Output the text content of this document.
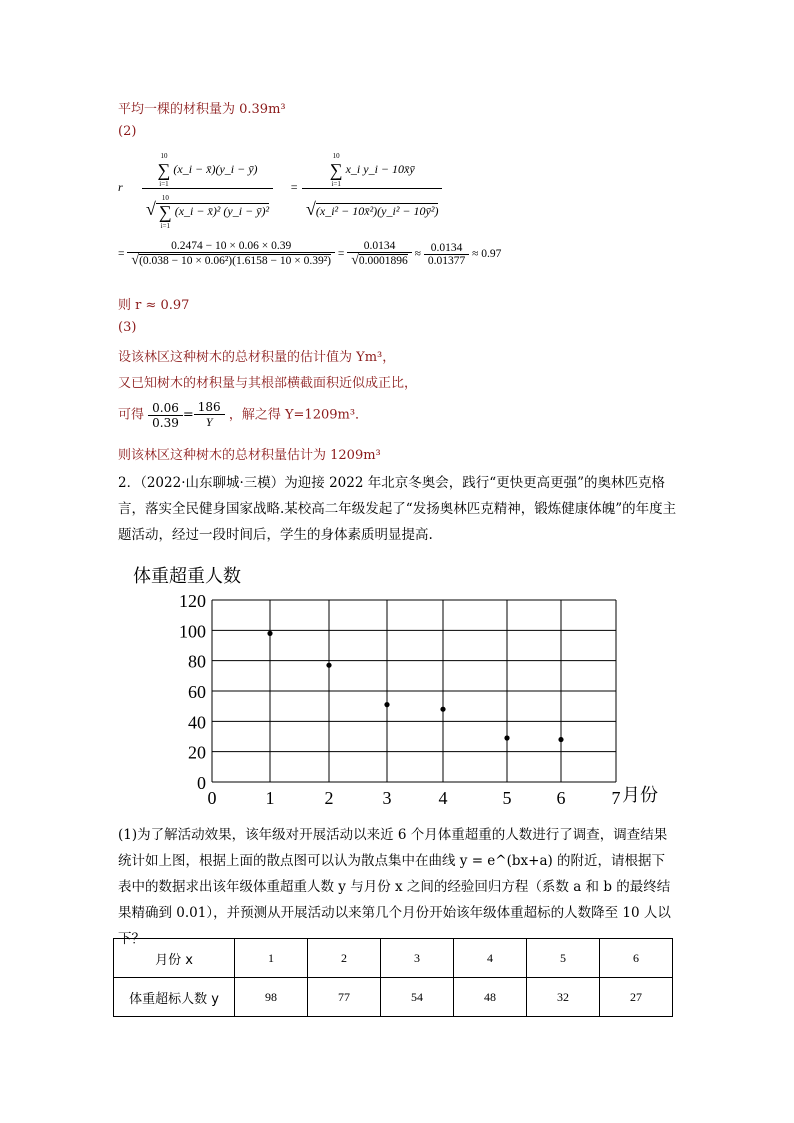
平均一棵的材积量为 0.39m³
(2)
r	10
∑
i=1
(x_i − x̄)(y_i − ȳ)
√
10
∑
i=1
(x_i − x̄)² (y_i − ȳ)² = 10
∑
i=1
x_i y_i − 10x̄ȳ
√(x_i² − 10x̄²)(y_i² − 10ȳ²)
= $\frac{0.2474 - 10 \times 0.06 \times 0.39}{\text{√(0.038 − 10 × 0.06²)(1.6158 − 10 × 0.39²)}} = \frac{0.0134}{√0.0001896} \approx \frac{0.0134}{0.01377} \approx 0.97$
则 r ≈ 0.97
(3)
设该林区这种树木的总材积量的估计值为 Ym³，
又已知树木的材积量与其根部横截面积近似成正比，
可得 $\frac{0.06}{0.39} = \frac{186}{Y}$ ，解之得 Y=1209m³．
则该林区这种树木的总材积量估计为 1209m³
2．（2022·山东聊城·三模）为迎接 2022 年北京冬奥会，践行“更快更高更强”的奥林匹克格言，落实全民健身国家战略.某校高二年级发起了“发扬奥林匹克精神，锻炼健康体魄”的年度主题活动，经过一段时间后，学生的身体素质明显提高.
体重超重人数
0
20
40
60
80
100
120
0	1	2	3	4	5	6	7 月份
(1)为了解活动效果，该年级对开展活动以来近 6 个月体重超重的人数进行了调查，调查结果统计如上图，根据上面的散点图可以认为散点集中在曲线 y = e^(bx+a) 的附近，请根据下表中的数据求出该年级体重超重人数 y 与月份 x 之间的经验回归方程（系数 a 和 b 的最终结果精确到 0.01），并预测从开展活动以来第几个月份开始该年级体重超标的人数降至 10 人以下？
月份 x	1	2	3	4	5	6
体重超标人数 y	98	77	54	48	32	27
